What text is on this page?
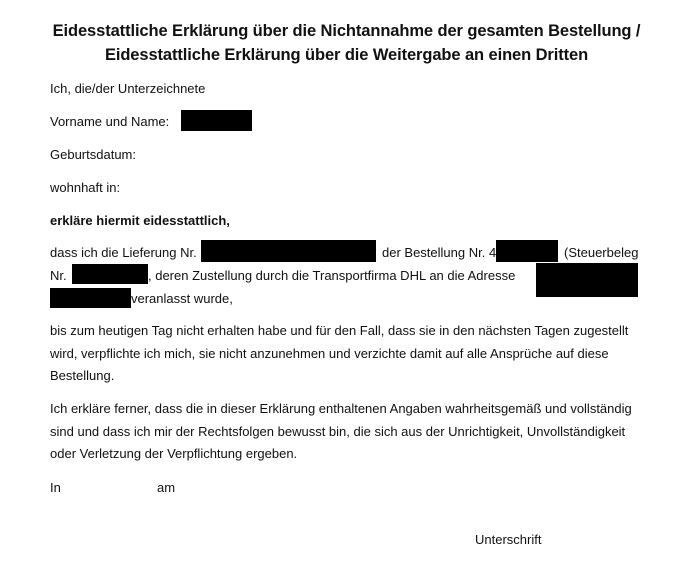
Eidesstattliche Erklärung über die Nichtannahme der gesamten Bestellung /
Eidesstattliche Erklärung über die Weitergabe an einen Dritten
Ich, die/der Unterzeichnete
Vorname und Name:
Geburtsdatum:
wohnhaft in:
erkläre hiermit eidesstattlich,
dass ich die Lieferung Nr.	der Bestellung Nr. 4	(Steuerbeleg
Nr.	, deren Zustellung durch die Transportfirma DHL an die Adresse
veranlasst wurde,
bis zum heutigen Tag nicht erhalten habe und für den Fall, dass sie in den nächsten Tagen zugestellt wird, verpflichte ich mich, sie nicht anzunehmen und verzichte damit auf alle Ansprüche auf diese Bestellung.
Ich erkläre ferner, dass die in dieser Erklärung enthaltenen Angaben wahrheitsgemäß und vollständig sind und dass ich mir der Rechtsfolgen bewusst bin, die sich aus der Unrichtigkeit, Unvollständigkeit oder Verletzung der Verpflichtung ergeben.
In	am
Unterschrift
